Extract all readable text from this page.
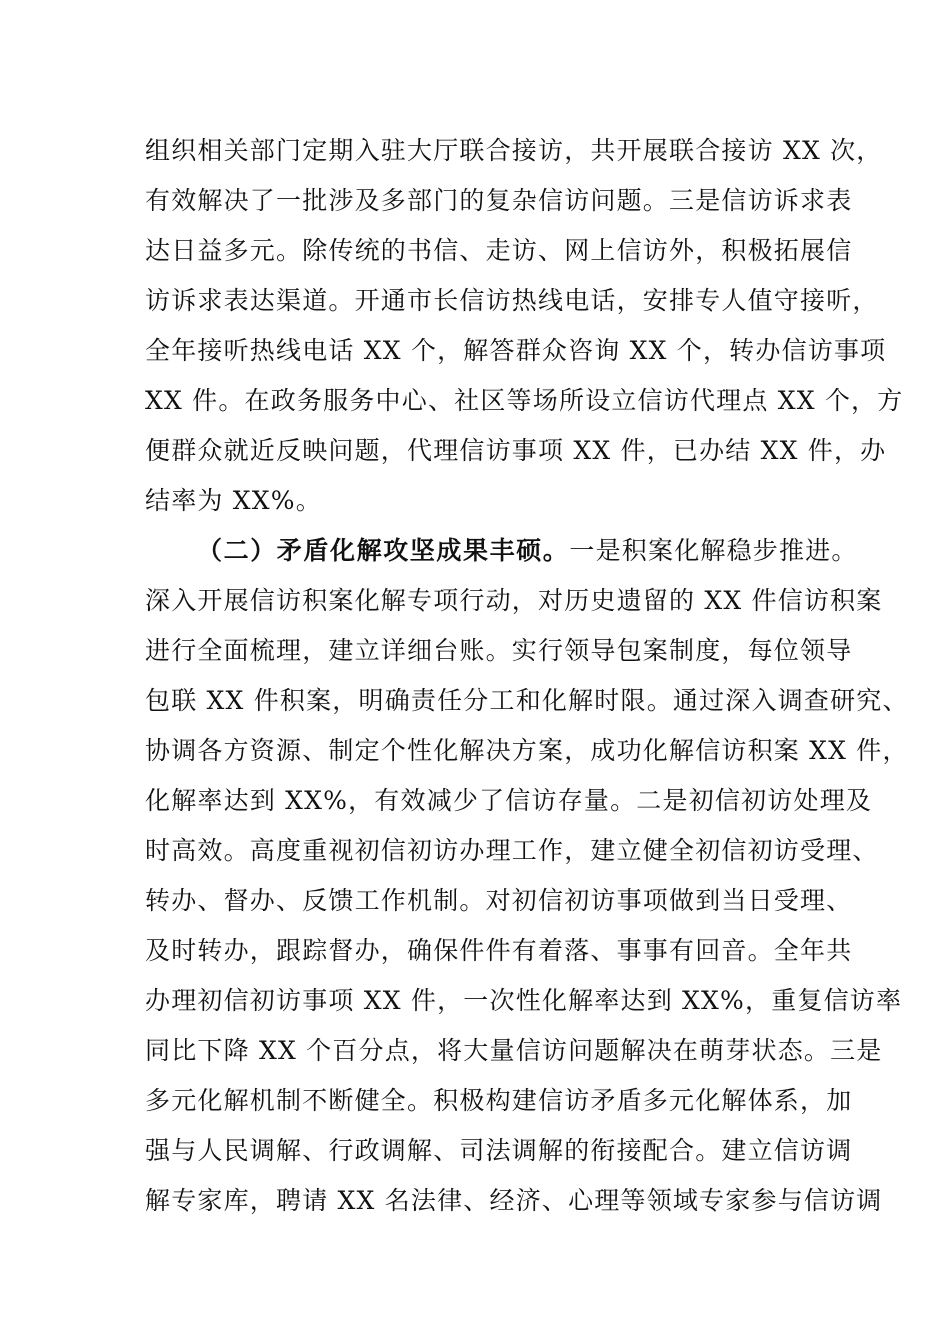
组织相关部门定期入驻大厅联合接访，共开展联合接访 XX 次，
有效解决了一批涉及多部门的复杂信访问题。三是信访诉求表
达日益多元。除传统的书信、走访、网上信访外，积极拓展信
访诉求表达渠道。开通市长信访热线电话，安排专人值守接听，
全年接听热线电话 XX 个，解答群众咨询 XX 个，转办信访事项
XX 件。在政务服务中心、社区等场所设立信访代理点 XX 个，方
便群众就近反映问题，代理信访事项 XX 件，已办结 XX 件，办
结率为 XX%。
（二）矛盾化解攻坚成果丰硕。一是积案化解稳步推进。
深入开展信访积案化解专项行动，对历史遗留的 XX 件信访积案
进行全面梳理，建立详细台账。实行领导包案制度，每位领导
包联 XX 件积案，明确责任分工和化解时限。通过深入调查研究、
协调各方资源、制定个性化解决方案，成功化解信访积案 XX 件，
化解率达到 XX%，有效减少了信访存量。二是初信初访处理及
时高效。高度重视初信初访办理工作，建立健全初信初访受理、
转办、督办、反馈工作机制。对初信初访事项做到当日受理、
及时转办，跟踪督办，确保件件有着落、事事有回音。全年共
办理初信初访事项 XX 件，一次性化解率达到 XX%，重复信访率
同比下降 XX 个百分点，将大量信访问题解决在萌芽状态。三是
多元化解机制不断健全。积极构建信访矛盾多元化解体系，加
强与人民调解、行政调解、司法调解的衔接配合。建立信访调
解专家库，聘请 XX 名法律、经济、心理等领域专家参与信访调
